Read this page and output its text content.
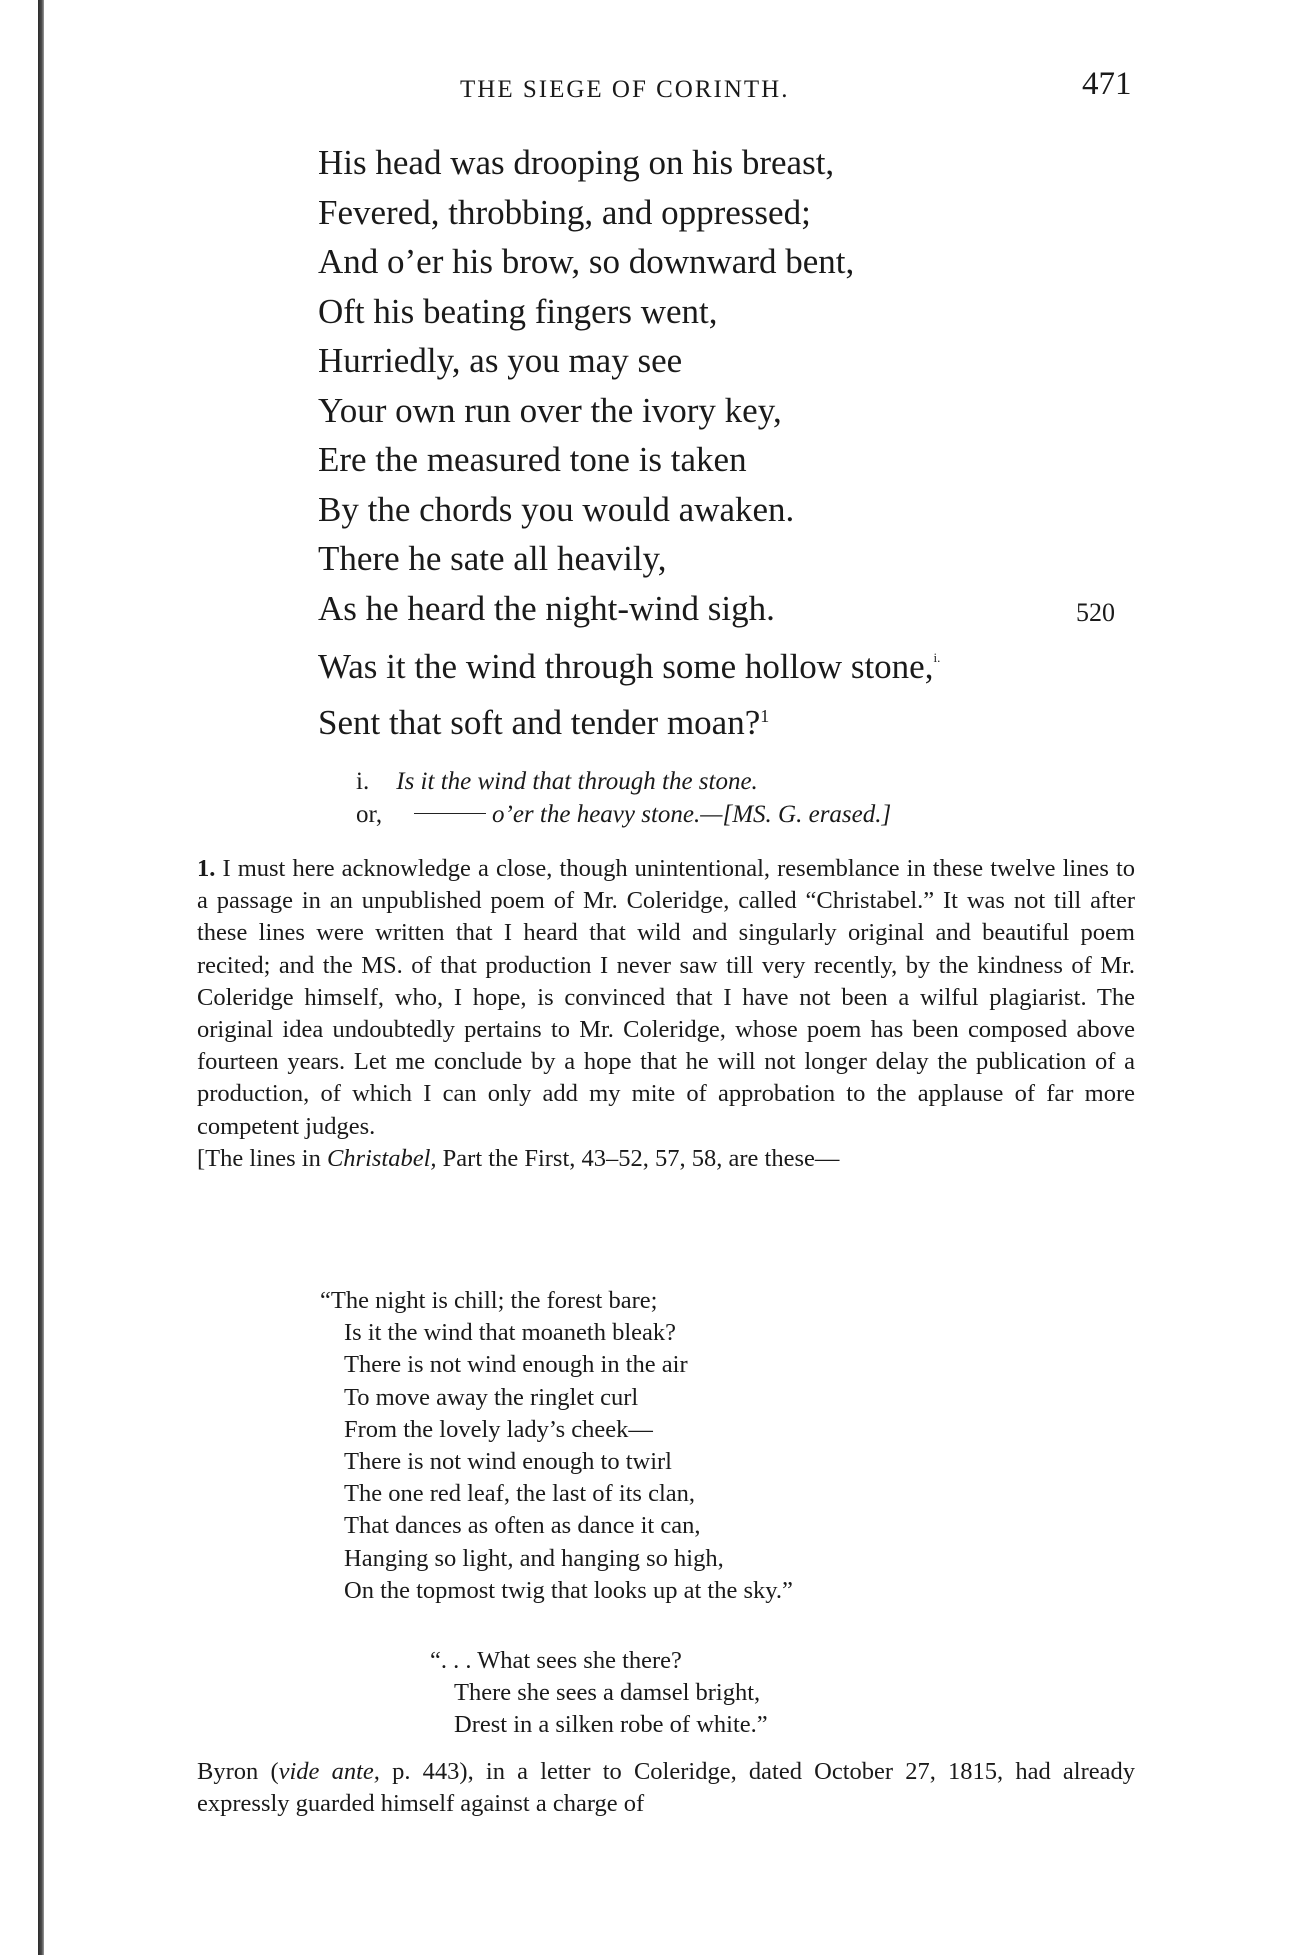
THE SIEGE OF CORINTH.	471
His head was drooping on his breast,
Fevered, throbbing, and oppressed;
And o’er his brow, so downward bent,
Oft his beating fingers went,
Hurriedly, as you may see
Your own run over the ivory key,
Ere the measured tone is taken
By the chords you would awaken.
There he sate all heavily,
As he heard the night-wind sigh.	520
Was it the wind through some hollow stone,$^{i.}$
Sent that soft and tender moan?$^1$
i. Is it the wind that through the stone.
or,	o’er the heavy stone.—[MS. G. erased.]

1. I must here acknowledge a close, though unintentional, resemblance in these twelve lines to a passage in an unpublished poem of Mr. Coleridge, called “Christabel.” It was not till after these lines were written that I heard that wild and singularly original and beautiful poem recited; and the MS. of that production I never saw till very recently, by the kindness of Mr. Coleridge himself, who, I hope, is convinced that I have not been a wilful plagiarist. The original idea undoubtedly pertains to Mr. Coleridge, whose poem has been composed above fourteen years. Let me conclude by a hope that he will not longer delay the publication of a production, of which I can only add my mite of approbation to the applause of far more competent judges.

[The lines in Christabel, Part the First, 43–52, 57, 58, are these—

“The night is chill; the forest bare;
Is it the wind that moaneth bleak?
There is not wind enough in the air
To move away the ringlet curl
From the lovely lady’s cheek—
There is not wind enough to twirl
The one red leaf, the last of its clan,
That dances as often as dance it can,
Hanging so light, and hanging so high,
On the topmost twig that looks up at the sky.”
“. . . What sees she there?
There she sees a damsel bright,
Drest in a silken robe of white.”

Byron (vide ante, p. 443), in a letter to Coleridge, dated October 27, 1815, had already expressly guarded himself against a charge of
